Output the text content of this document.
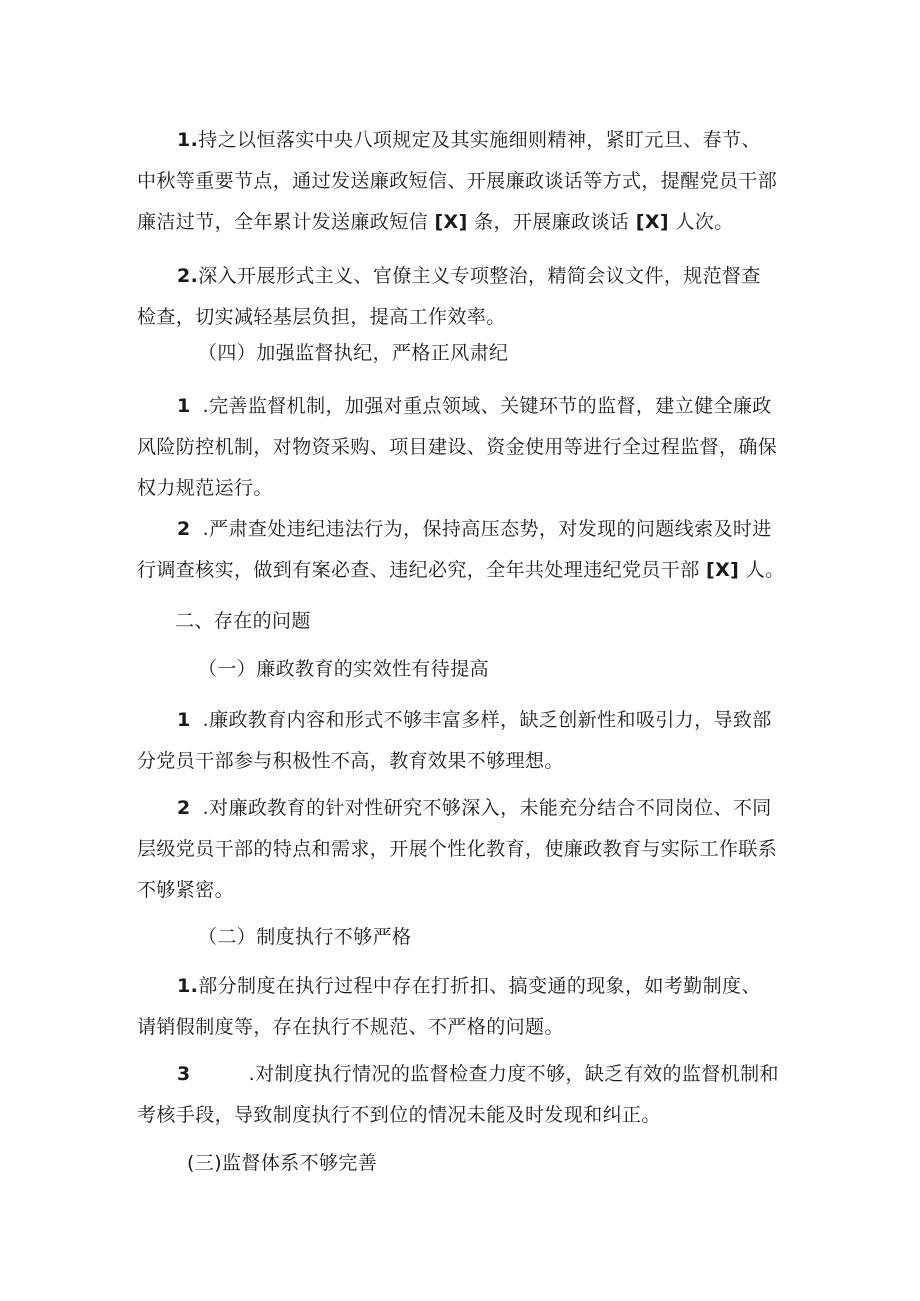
1.持之以恒落实中央八项规定及其实施细则精神，紧盯元旦、春节、
中秋等重要节点，通过发送廉政短信、开展廉政谈话等方式，提醒党员干部廉洁过节，全年累计发送廉政短信 [X] 条，开展廉政谈话 [X] 人次。

2.深入开展形式主义、官僚主义专项整治，精简会议文件，规范督查
检查，切实减轻基层负担，提高工作效率。

（四）加强监督执纪，严格正风肃纪

1 .完善监督机制，加强对重点领域、关键环节的监督，建立健全廉政
风险防控机制，对物资采购、项目建设、资金使用等进行全过程监督，确保权力规范运行。

2 .严肃查处违纪违法行为，保持高压态势，对发现的问题线索及时进
行调查核实，做到有案必查、违纪必究，全年共处理违纪党员干部 [X] 人。

二、存在的问题

（一）廉政教育的实效性有待提高

1 .廉政教育内容和形式不够丰富多样，缺乏创新性和吸引力，导致部
分党员干部参与积极性不高，教育效果不够理想。

2 .对廉政教育的针对性研究不够深入，未能充分结合不同岗位、不同
层级党员干部的特点和需求，开展个性化教育，使廉政教育与实际工作联系不够紧密。

（二）制度执行不够严格

1.部分制度在执行过程中存在打折扣、搞变通的现象，如考勤制度、
请销假制度等，存在执行不规范、不严格的问题。

3	.对制度执行情况的监督检查力度不够，缺乏有效的监督机制和
考核手段，导致制度执行不到位的情况未能及时发现和纠正。

(三)监督体系不够完善
